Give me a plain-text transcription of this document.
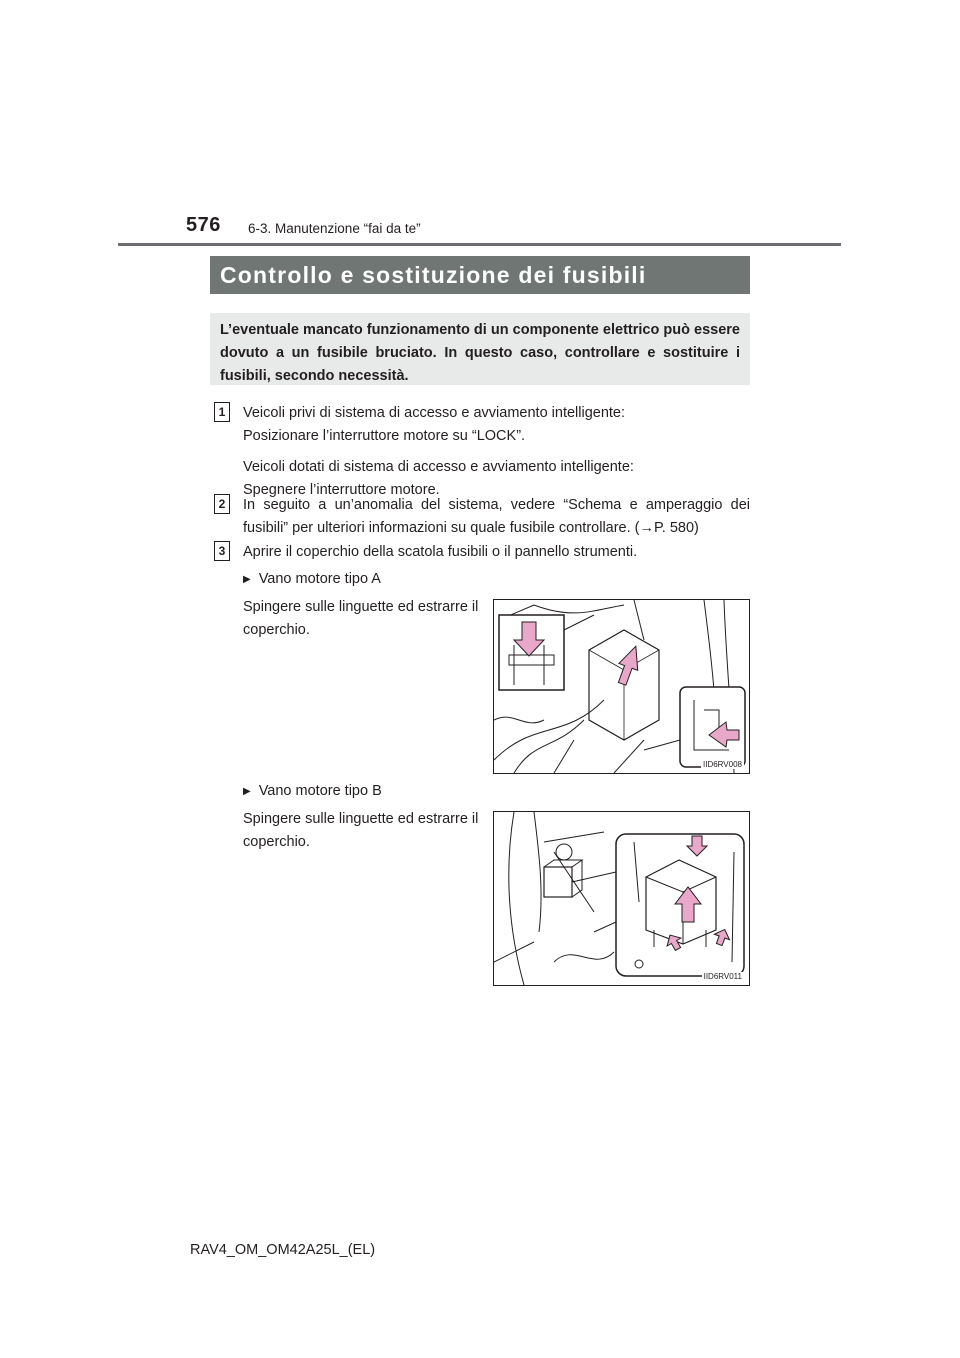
576 6-3. Manutenzione “fai da te”
Controllo e sostituzione dei fusibili
L’eventuale mancato funzionamento di un componente elettrico può essere dovuto a un fusibile bruciato. In questo caso, controllare e sostituire i fusibili, secondo necessità.
1	Veicoli privi di sistema di accesso e avviamento intelligente:
Posizionare l’interruttore motore su “LOCK”.
Veicoli dotati di sistema di accesso e avviamento intelligente:
Spegnere l’interruttore motore.
2	In seguito a un’anomalia del sistema, vedere “Schema e amperaggio dei fusibili” per ulteriori informazioni su quale fusibile controllare. (→P. 580)
3	Aprire il coperchio della scatola fusibili o il pannello strumenti.
▶ Vano motore tipo A
Spingere sulle linguette ed estrarre il coperchio.
IID6RV008
▶ Vano motore tipo B
Spingere sulle linguette ed estrarre il coperchio.
IID6RV011
RAV4_OM_OM42A25L_(EL)
